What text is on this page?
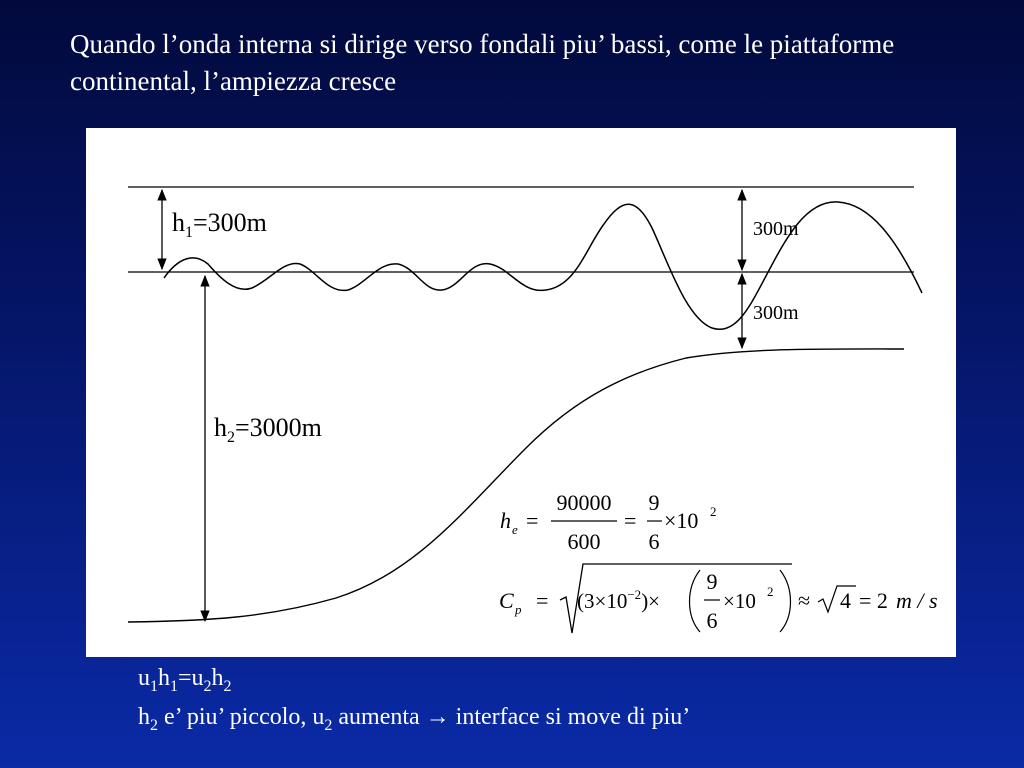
Quando l’onda interna si dirige verso fondali piu’ bassi, come le piattaforme continental, l’ampiezza cresce
$h_1=300m$
$h_2=3000m$
300m
300m
h e =
90000
600
=
9
6
×10 2
C $p = (3\times 10^{-2})\times$
9
6
×10 2 ≈ 4 = 2 m / s
$u_1h_1=u_2h_2$
$h_2$ e’ piu’ piccolo, $u_2$ aumenta → interface si move di piu’
